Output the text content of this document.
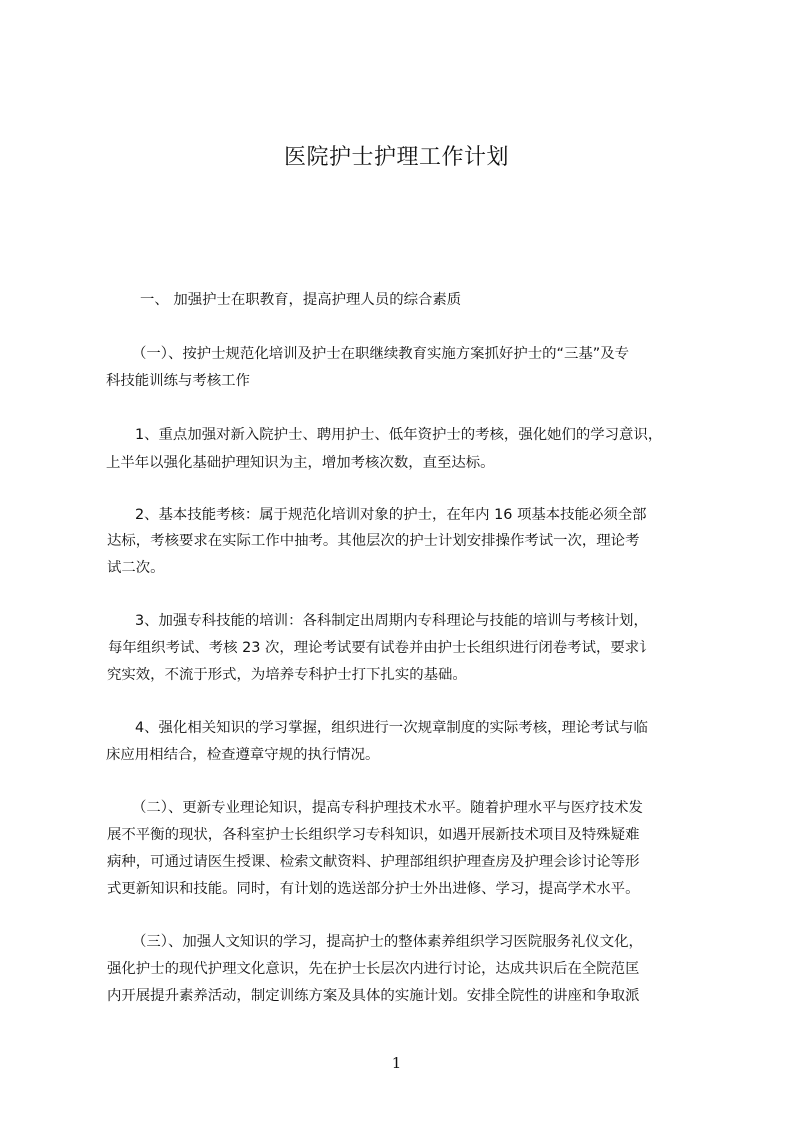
医院护士护理工作计划
一、 加强护士在职教育，提高护理人员的综合素质
（一）、按护士规范化培训及护士在职继续教育实施方案抓好护士的“三基”及专
科技能训练与考核工作
1、重点加强对新入院护士、聘用护士、低年资护士的考核，强化她们的学习意识，
上半年以强化基础护理知识为主，增加考核次数，直至达标。
2、基本技能考核：属于规范化培训对象的护士，在年内 16 项基本技能必须全部
达标，考核要求在实际工作中抽考。其他层次的护士计划安排操作考试一次，理论考
试二次。
3、加强专科技能的培训：各科制定出周期内专科理论与技能的培训与考核计划，
每年组织考试、考核 23 次，理论考试要有试卷并由护士长组织进行闭卷考试，要求讠
究实效，不流于形式，为培养专科护士打下扎实的基础。
4、强化相关知识的学习掌握，组织进行一次规章制度的实际考核，理论考试与临
床应用相结合，检查遵章守规的执行情况。
（二）、更新专业理论知识，提高专科护理技术水平。随着护理水平与医疗技术发
展不平衡的现状，各科室护士长组织学习专科知识，如遇开展新技术项目及特殊疑难
病种，可通过请医生授课、检索文献资料、护理部组织护理查房及护理会诊讨论等形
式更新知识和技能。同时，有计划的选送部分护士外出进修、学习，提高学术水平。
（三）、加强人文知识的学习，提高护士的整体素养组织学习医院服务礼仪文化，
强化护士的现代护理文化意识，先在护士长层次内进行讨论，达成共识后在全院范匡
内开展提升素养活动，制定训练方案及具体的实施计划。安排全院性的讲座和争取派
1
